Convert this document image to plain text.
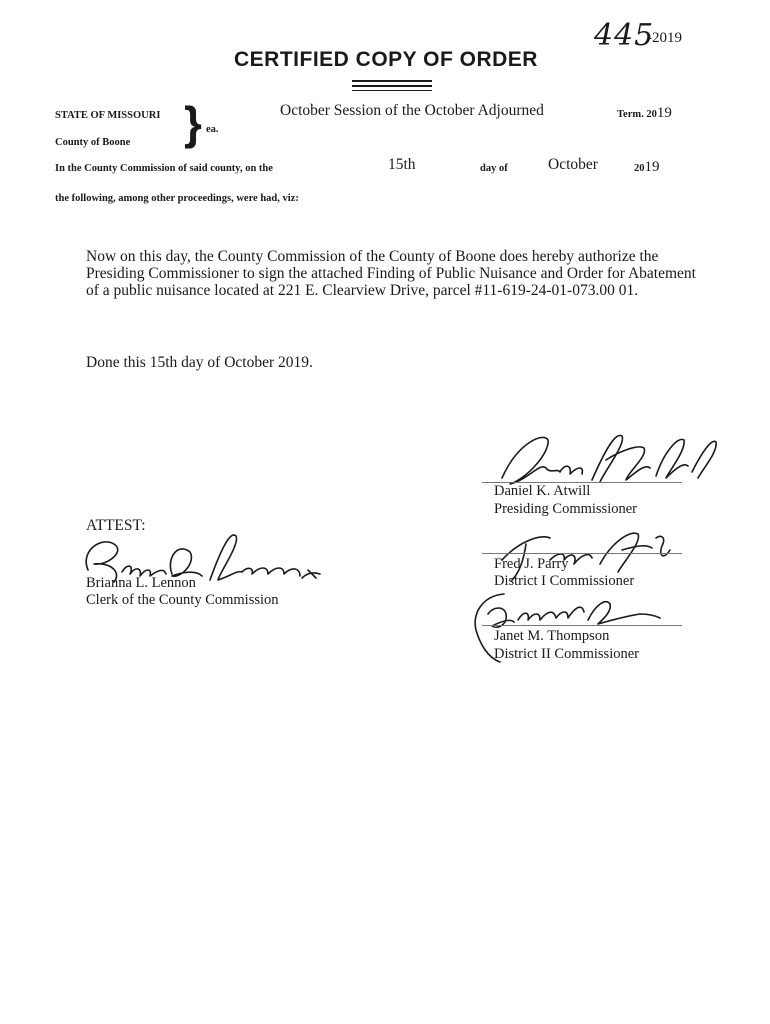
445
-2019
CERTIFIED COPY OF ORDER
STATE OF MISSOURI } ea.
County of Boone
October Session of the October Adjourned	Term. 2019
In the County Commission of said county, on the	15th	day of	October	2019
the following, among other proceedings, were had, viz:
Now on this day, the County Commission of the County of Boone does hereby authorize the
Presiding Commissioner to sign the attached Finding of Public Nuisance and Order for Abatement
of a public nuisance located at 221 E. Clearview Drive, parcel #11-619-24-01-073.00 01.
Done this 15th day of October 2019.
ATTEST:
Brianna L. Lennon
Clerk of the County Commission
Daniel K. Atwill
Presiding Commissioner
Fred J. Parry
District I Commissioner
Janet M. Thompson
District II Commissioner
